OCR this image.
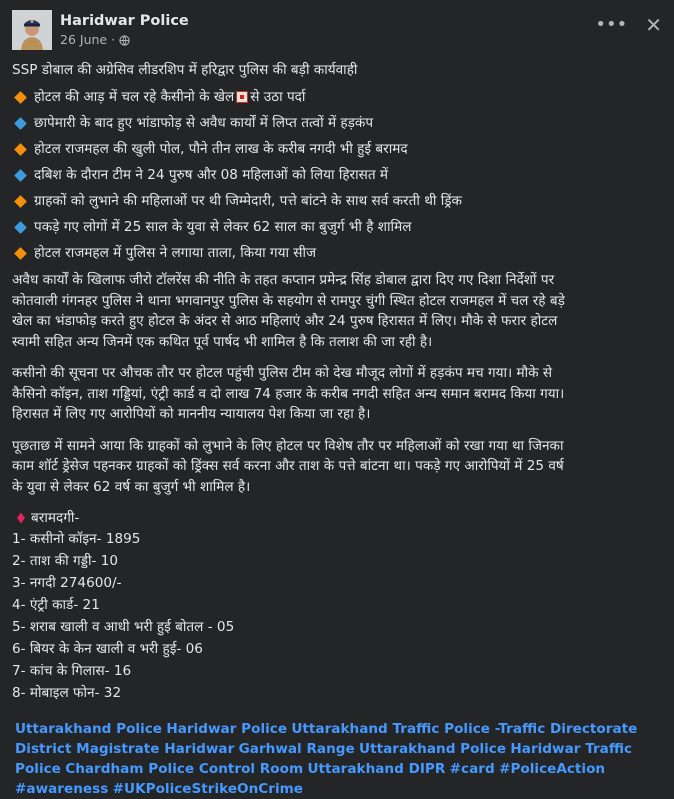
Haridwar Police
26 June ·
••• ✕
SSP डोबाल की अग्रेसिव लीडरशिप में हरिद्वार पुलिस की बड़ी कार्यवाही
होटल की आड़ में चल रहे कैसीनो के खेल से उठा पर्दा
छापेमारी के बाद हुए भांडाफोड़ से अवैध कार्यों में लिप्त तत्वों में हड़कंप
होटल राजमहल की खुली पोल, पौने तीन लाख के करीब नगदी भी हुई बरामद
दबिश के दौरान टीम ने 24 पुरुष और 08 महिलाओं को लिया हिरासत में
ग्राहकों को लुभाने की महिलाओं पर थी जिम्मेदारी, पत्ते बांटने के साथ सर्व करती थी ड्रिंक
पकड़े गए लोगों में 25 साल के युवा से लेकर 62 साल का बुजुर्ग भी है शामिल
होटल राजमहल में पुलिस ने लगाया ताला, किया गया सीज
अवैध कार्यों के खिलाफ जीरो टॉलरेंस की नीति के तहत कप्तान प्रमेन्द्र सिंह डोबाल द्वारा दिए गए दिशा निर्देशों पर
कोतवाली गंगनहर पुलिस ने थाना भगवानपुर पुलिस के सहयोग से रामपुर चुंगी स्थित होटल राजमहल में चल रहे बड़े
खेल का भंडाफोड़ करते हुए होटल के अंदर से आठ महिलाएं और 24 पुरुष हिरासत में लिए। मौके से फरार होटल
स्वामी सहित अन्य जिनमें एक कथित पूर्व पार्षद भी शामिल है कि तलाश की जा रही है।
कसीनो की सूचना पर औचक तौर पर होटल पहुंची पुलिस टीम को देख मौजूद लोगों में हड़कंप मच गया। मौके से
कैसिनो कॉइन, ताश गड्डियां, एंट्री कार्ड व दो लाख 74 हजार के करीब नगदी सहित अन्य समान बरामद किया गया।
हिरासत में लिए गए आरोपियों को माननीय न्यायालय पेश किया जा रहा है।
पूछताछ में सामने आया कि ग्राहकों को लुभाने के लिए होटल पर विशेष तौर पर महिलाओं को रखा गया था जिनका
काम शॉर्ट ड्रेसेज पहनकर ग्राहकों को ड्रिंक्स सर्व करना और ताश के पत्ते बांटना था। पकड़े गए आरोपियों में 25 वर्ष
के युवा से लेकर 62 वर्ष का बुजुर्ग भी शामिल है।
बरामदगी-
1- कसीनो कॉइन- 1895
2- ताश की गड्डी- 10
3- नगदी 274600/-
4- एंट्री कार्ड- 21
5- शराब खाली व आधी भरी हुई बोतल - 05
6- बियर के केन खाली व भरी हुई- 06
7- कांच के गिलास- 16
8- मोबाइल फोन- 32
Uttarakhand Police Haridwar Police Uttarakhand Traffic Police -Traffic Directorate District Magistrate Haridwar Garhwal Range Uttarakhand Police Haridwar Traffic Police Chardham Police Control Room Uttarakhand DIPR #card #PoliceAction #awareness #UKPoliceStrikeOnCrime
